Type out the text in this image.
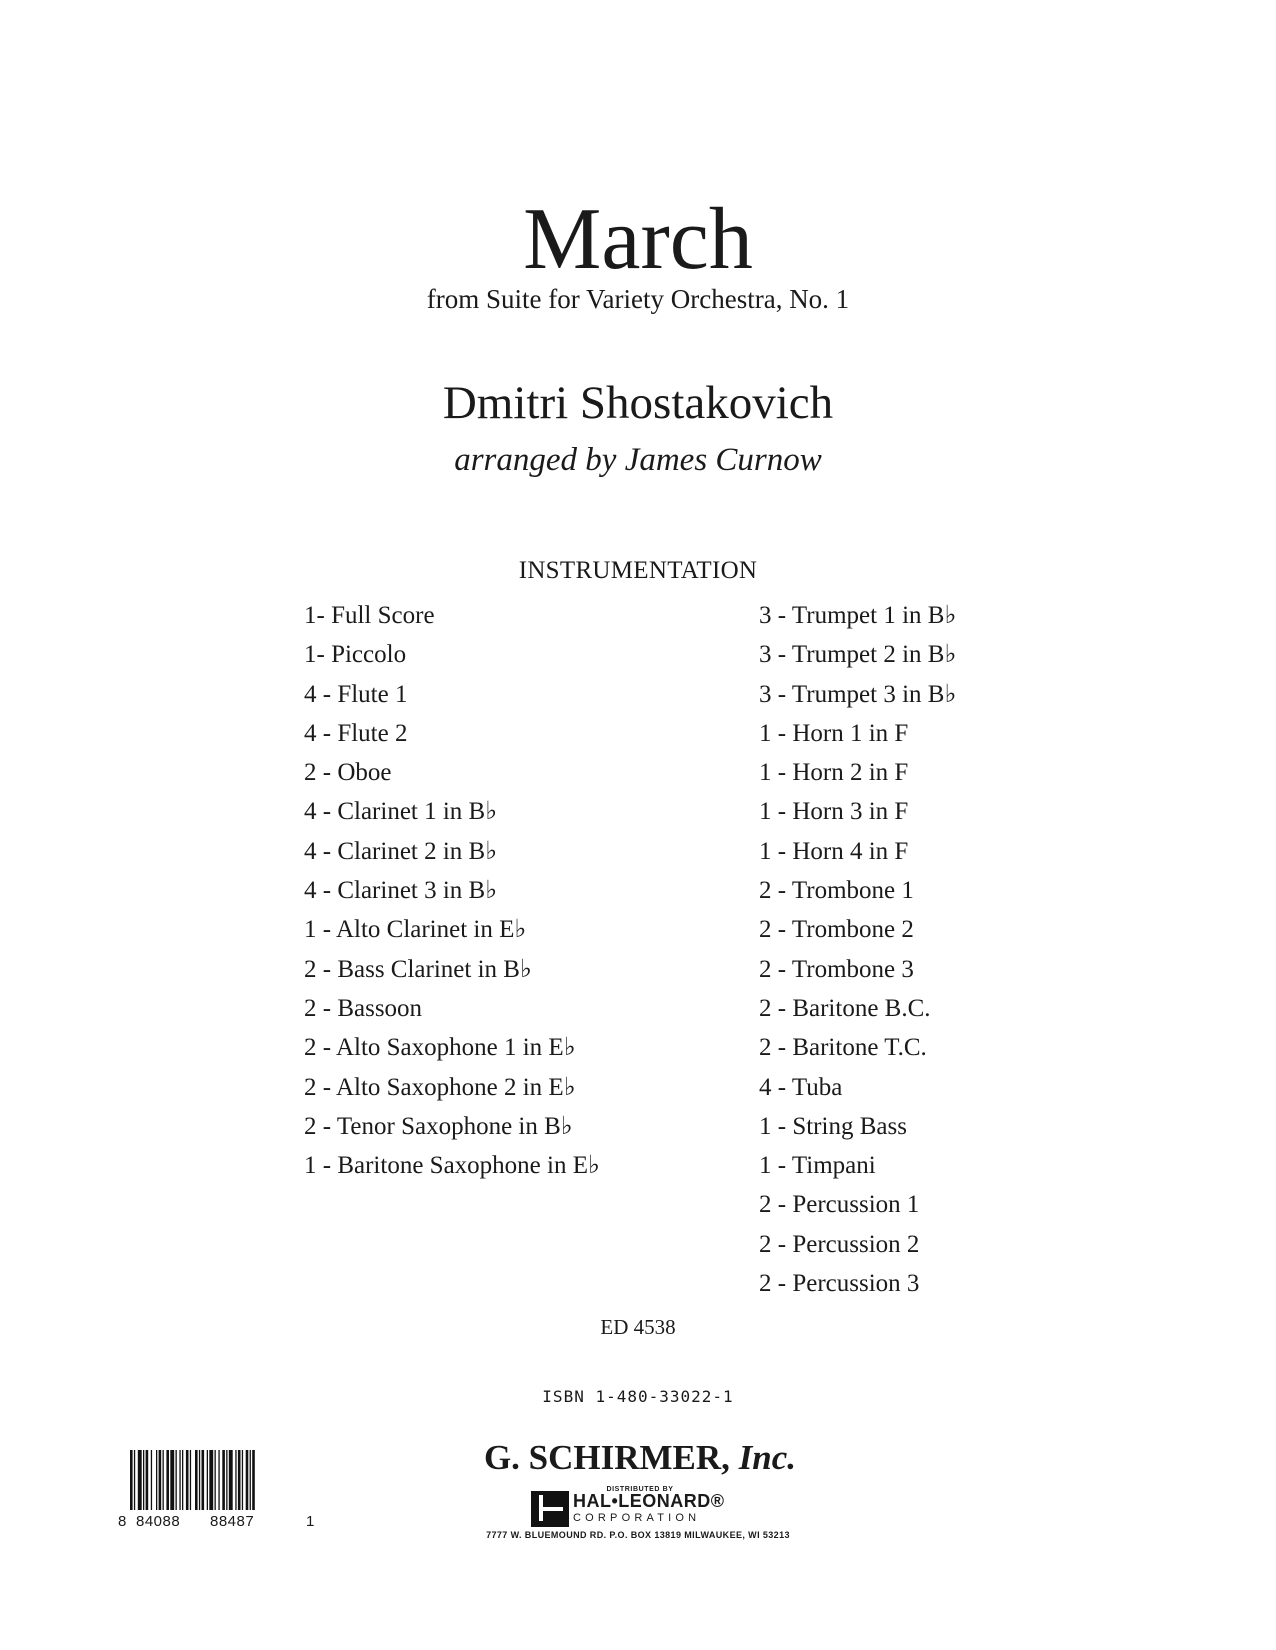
March
from Suite for Variety Orchestra, No. 1
Dmitri Shostakovich
arranged by James Curnow
INSTRUMENTATION
1- Full Score
1- Piccolo
4 - Flute 1
4 - Flute 2
2 - Oboe
4 - Clarinet 1 in B♭
4 - Clarinet 2 in B♭
4 - Clarinet 3 in B♭
1 - Alto Clarinet in E♭
2 - Bass Clarinet in B♭
2 - Bassoon
2 - Alto Saxophone 1 in E♭
2 - Alto Saxophone 2 in E♭
2 - Tenor Saxophone in B♭
1 - Baritone Saxophone in E♭
3 - Trumpet 1 in B♭
3 - Trumpet 2 in B♭
3 - Trumpet 3 in B♭
1 - Horn 1 in F
1 - Horn 2 in F
1 - Horn 3 in F
1 - Horn 4 in F
2 - Trombone 1
2 - Trombone 2
2 - Trombone 3
2 - Baritone B.C.
2 - Baritone T.C.
4 - Tuba
1 - String Bass
1 - Timpani
2 - Percussion 1
2 - Percussion 2
2 - Percussion 3
ED 4538
ISBN 1-480-33022-1
G. SCHIRMER, Inc.
DISTRIBUTED BY
HAL•LEONARD®
CORPORATION
7777 W. BLUEMOUND RD. P.O. BOX 13819 MILWAUKEE, WI 53213
8 84088 88487	1
